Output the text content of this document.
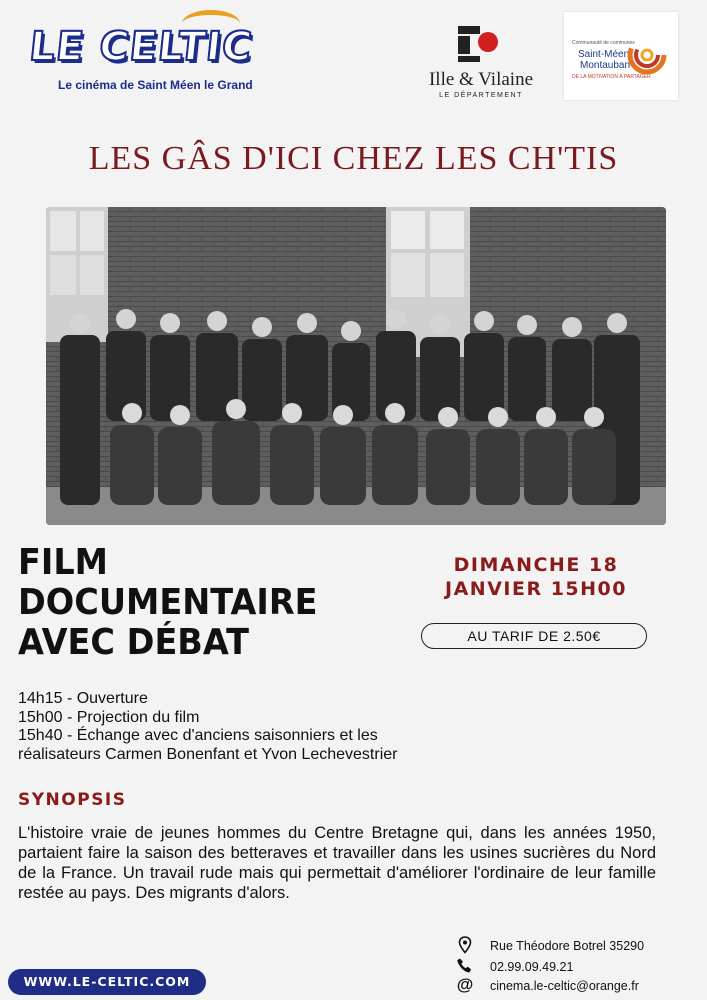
LE CELTIC
Le cinéma de Saint Méen le Grand	Ille & Vilaine
LE DÉPARTEMENT
Communauté de communes
Saint-Méen
Montauban
DE LA MOTIVATION À PARTAGER
LES GÂS D'ICI CHEZ LES CH'TIS
FILM
DOCUMENTAIRE
AVEC DÉBAT
DIMANCHE 18
JANVIER 15H00
AU TARIF DE 2.50€
14h15 - Ouverture
15h00 - Projection du film
15h40 - Échange avec d'anciens saisonniers et les
réalisateurs Carmen Bonenfant et Yvon Lechevestrier
SYNOPSIS
L'histoire vraie de jeunes hommes du Centre Bretagne qui, dans les années 1950, partaient faire la saison des betteraves et travailler dans les usines sucrières du Nord de la France. Un travail rude mais qui permettait d'améliorer l'ordinaire de leur famille restée au pays. Des migrants d'alors.
WWW.LE-CELTIC.COM
Rue Théodore Botrel 35290
02.99.09.49.21
@ cinema.le-celtic@orange.fr
